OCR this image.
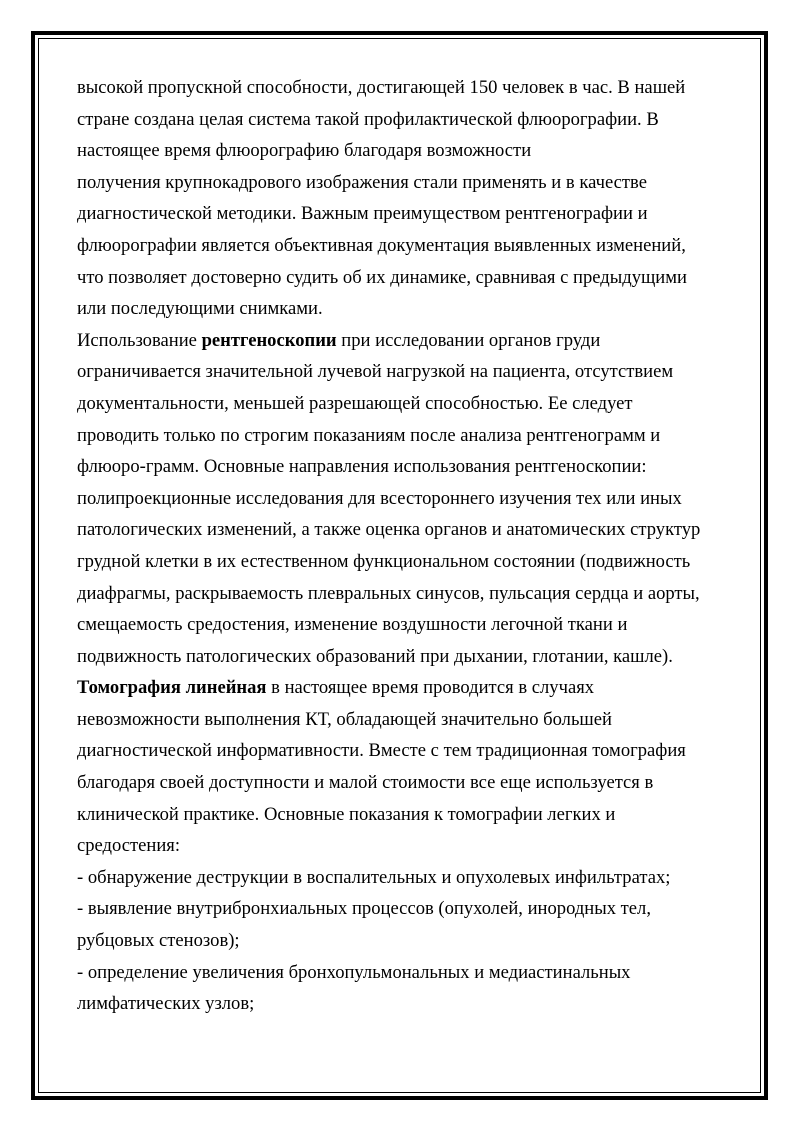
высокой пропускной способности, достигающей 150 человек в час. В нашей
стране создана целая система такой профилактической флюорографии. В
настоящее время флюорографию благодаря возможности
получения крупнокадрового изображения стали применять и в качестве
диагностической методики. Важным преимуществом рентгенографии и
флюорографии является объективная документация выявленных изменений,
что позволяет достоверно судить об их динамике, сравнивая с предыдущими
или последующими снимками.
Использование рентгеноскопии при исследовании органов груди
ограничивается значительной лучевой нагрузкой на пациента, отсутствием
документальности, меньшей разрешающей способностью. Ее следует
проводить только по строгим показаниям после анализа рентгенограмм и
флюоро-грамм. Основные направления использования рентгеноскопии:
полипроекционные исследования для всестороннего изучения тех или иных
патологических изменений, а также оценка органов и анатомических структур
грудной клетки в их естественном функциональном состоянии (подвижность
диафрагмы, раскрываемость плевральных синусов, пульсация сердца и аорты,
смещаемость средостения, изменение воздушности легочной ткани и
подвижность патологических образований при дыхании, глотании, кашле).
Томография линейная в настоящее время проводится в случаях
невозможности выполнения КТ, обладающей значительно большей
диагностической информативности. Вместе с тем традиционная томография
благодаря своей доступности и малой стоимости все еще используется в
клинической практике. Основные показания к томографии легких и
средостения:
- обнаружение деструкции в воспалительных и опухолевых инфильтратах;
- выявление внутрибронхиальных процессов (опухолей, инородных тел,
рубцовых стенозов);
- определение увеличения бронхопульмональных и медиастинальных
лимфатических узлов;
